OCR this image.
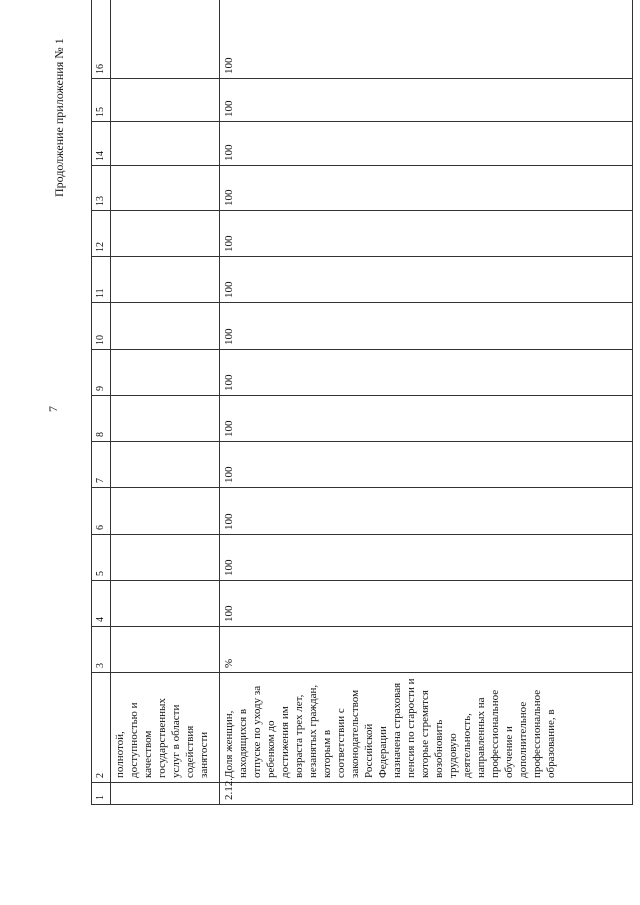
7
Продолжение приложения № 1
1	2	3	4	5	6	7	8	9	10	11	12	13	14	15	16
	полнотой, доступностью и качеством государственных услуг в области содействия занятости														
2.12.	Доля женщин, находящихся в отпуске по уходу за ребенком до достижения им возраста трех лет, незанятых граждан, которым в соответствии с законодательством Российской Федерации назначена страховая пенсия по старости и которые стремятся возобновить трудовую деятельность, направленных на профессиональное обучение и дополнительное профессиональное образование, в	%	100	100	100	100	100	100	100	100	100	100	100	100	100
